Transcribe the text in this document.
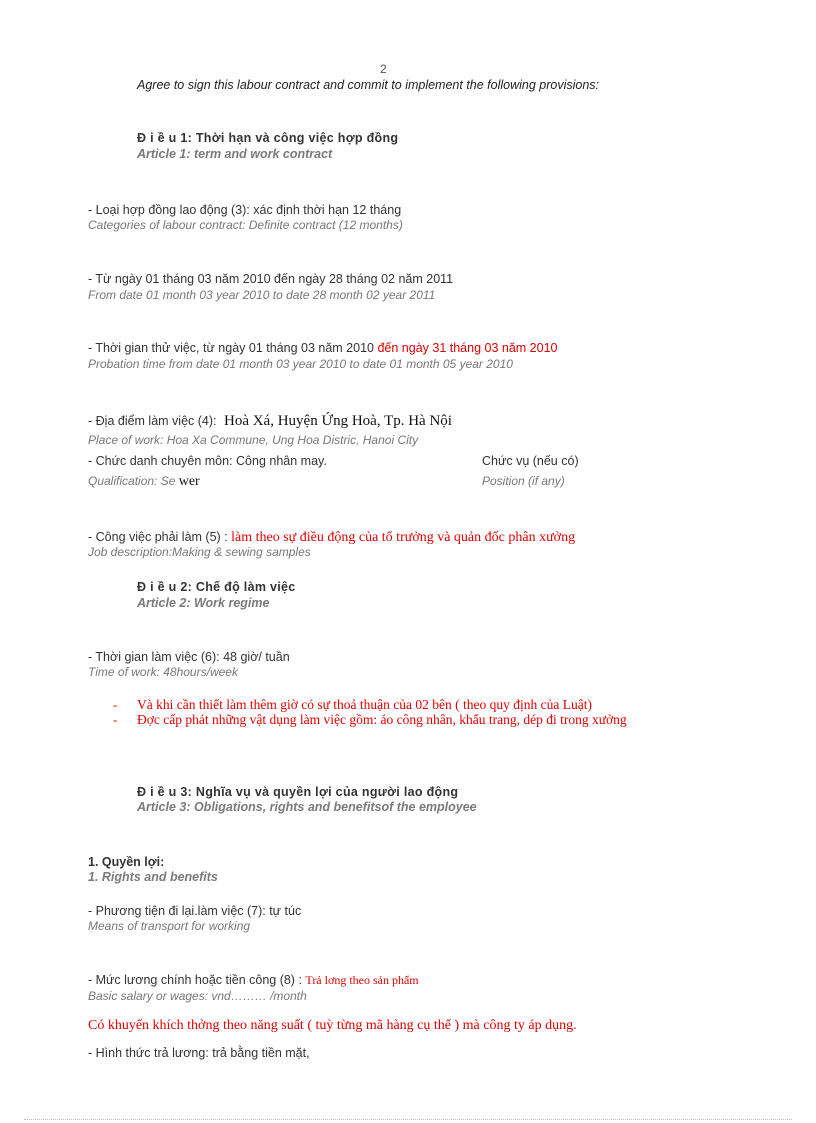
2
Agree to sign this labour contract and commit to implement the following provisions:
Đ i ề u 1: Thời hạn và công việc hợp đồng
Article 1: term and work contract
- Loại hợp đồng lao động (3): xác định thời hạn 12 tháng
Categories of labour contract: Definite contract (12 months)
- Từ ngày 01 tháng 03 năm 2010 đến ngày 28 tháng 02 năm 2011
From date 01 month 03 year 2010 to date 28 month 02 year 2011
- Thời gian thử việc, từ ngày 01 tháng 03 năm 2010 đến ngày 31 tháng 03 năm 2010
Probation time from date 01 month 03 year 2010 to date 01 month 05 year 2010
- Địa điểm làm việc (4): Hoà Xá, Huyện Ứng Hoà, Tp. Hà Nội
Place of work: Hoa Xa Commune, Ung Hoa Distric, Hanoi City
- Chức danh chuyên môn: Công nhân may.	Chức vụ (nếu có)
Qualification: Se wer	Position (if any)
- Công việc phải làm (5) : làm theo sự điều động của tổ trưởng và quản đốc phân xưởng
Job description:Making & sewing samples
Đ i ề u 2: Chế độ làm việc
Article 2: Work regime
- Thời gian làm việc (6): 48 giờ/ tuần
Time of work: 48hours/week
- Và khi cần thiết làm thêm giờ có sự thoả thuận của 02 bên ( theo quy định của Luật)
- Đợc cấp phát những vật dụng làm việc gồm: áo công nhân, khẩu trang, dép đi trong xưởng
Đ i ề u 3: Nghĩa vụ và quyền lợi của người lao động
Article 3: Obligations, rights and benefitsof the employee
1. Quyền lợi:
1. Rights and benefits
- Phương tiện đi lại.làm việc (7): tự túc
Means of transport for working
- Mức lương chính hoặc tiền công (8) : Trả lơng theo sản phẩm
Basic salary or wages: vnd……… /month
Có khuyến khích thởng theo năng suất ( tuỳ từng mã hàng cụ thể ) mà công ty áp dụng.
- Hình thức trả lương: trả bằng tiền mặt,
